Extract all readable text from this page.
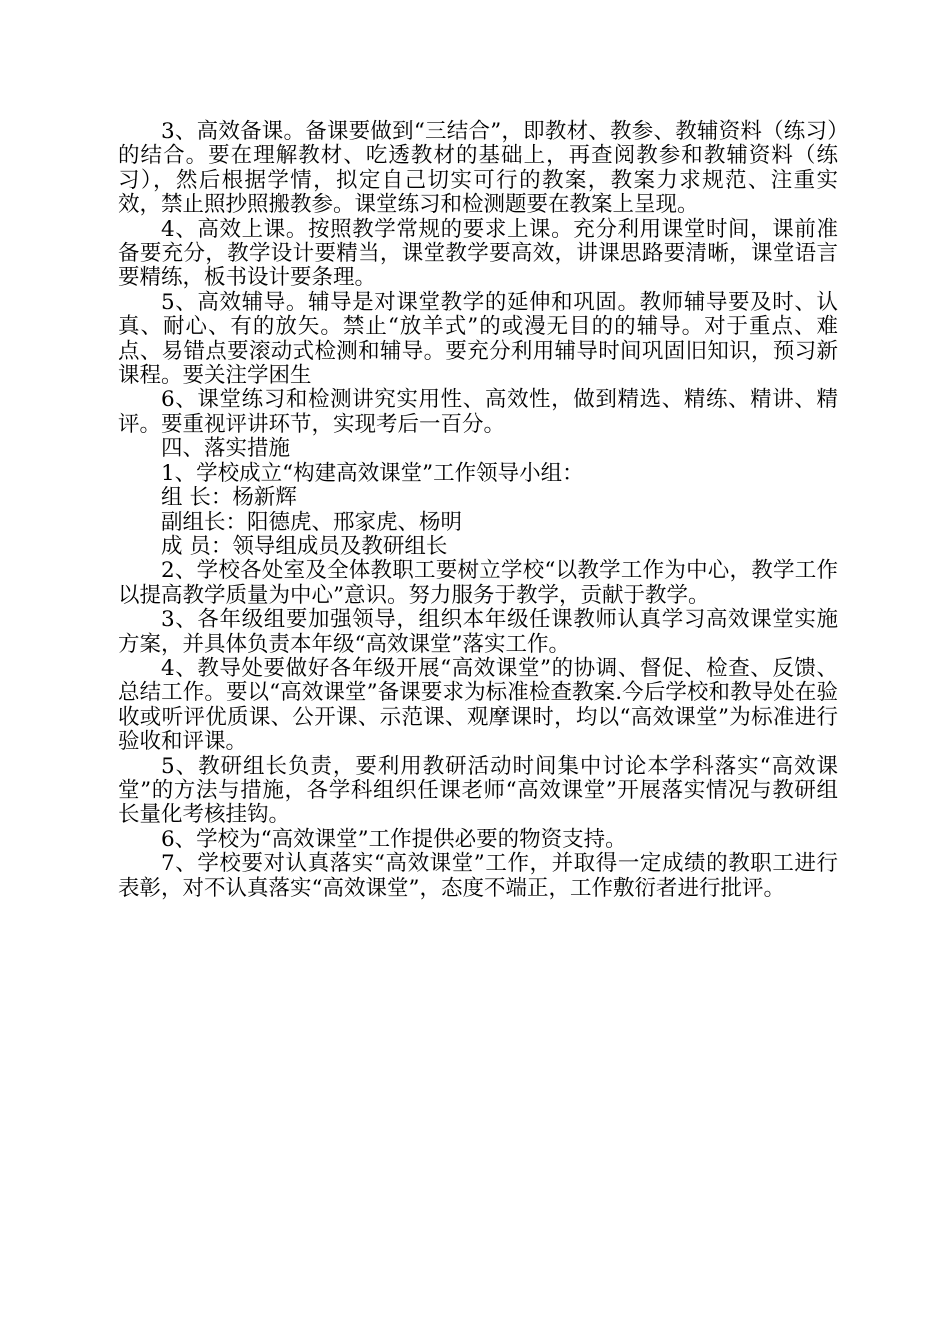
3、高效备课。备课要做到“三结合”，即教材、教参、教辅资料（练习）的结合。要在理解教材、吃透教材的基础上，再查阅教参和教辅资料（练习），然后根据学情，拟定自己切实可行的教案，教案力求规范、注重实效，禁止照抄照搬教参。课堂练习和检测题要在教案上呈现。

4、高效上课。按照教学常规的要求上课。充分利用课堂时间，课前准备要充分，教学设计要精当，课堂教学要高效，讲课思路要清晰，课堂语言要精练，板书设计要条理。

5、高效辅导。辅导是对课堂教学的延伸和巩固。教师辅导要及时、认真、耐心、有的放矢。禁止“放羊式”的或漫无目的的辅导。对于重点、难点、易错点要滚动式检测和辅导。要充分利用辅导时间巩固旧知识，预习新课程。要关注学困生

6、课堂练习和检测讲究实用性、高效性，做到精选、精练、精讲、精评。要重视评讲环节，实现考后一百分。

四、落实措施

1、学校成立“构建高效课堂”工作领导小组：

组 长：杨新辉

副组长：阳德虎、邢家虎、杨明

成 员：领导组成员及教研组长

2、学校各处室及全体教职工要树立学校“以教学工作为中心，教学工作以提高教学质量为中心”意识。努力服务于教学，贡献于教学。

3、各年级组要加强领导，组织本年级任课教师认真学习高效课堂实施方案，并具体负责本年级“高效课堂”落实工作。

4、教导处要做好各年级开展“高效课堂”的协调、督促、检查、反馈、总结工作。要以“高效课堂”备课要求为标准检查教案.今后学校和教导处在验收或听评优质课、公开课、示范课、观摩课时，均以“高效课堂”为标准进行验收和评课。

5、教研组长负责，要利用教研活动时间集中讨论本学科落实“高效课堂”的方法与措施，各学科组织任课老师“高效课堂”开展落实情况与教研组长量化考核挂钩。

6、学校为“高效课堂”工作提供必要的物资支持。

7、学校要对认真落实“高效课堂”工作，并取得一定成绩的教职工进行表彰，对不认真落实“高效课堂”，态度不端正，工作敷衍者进行批评。
